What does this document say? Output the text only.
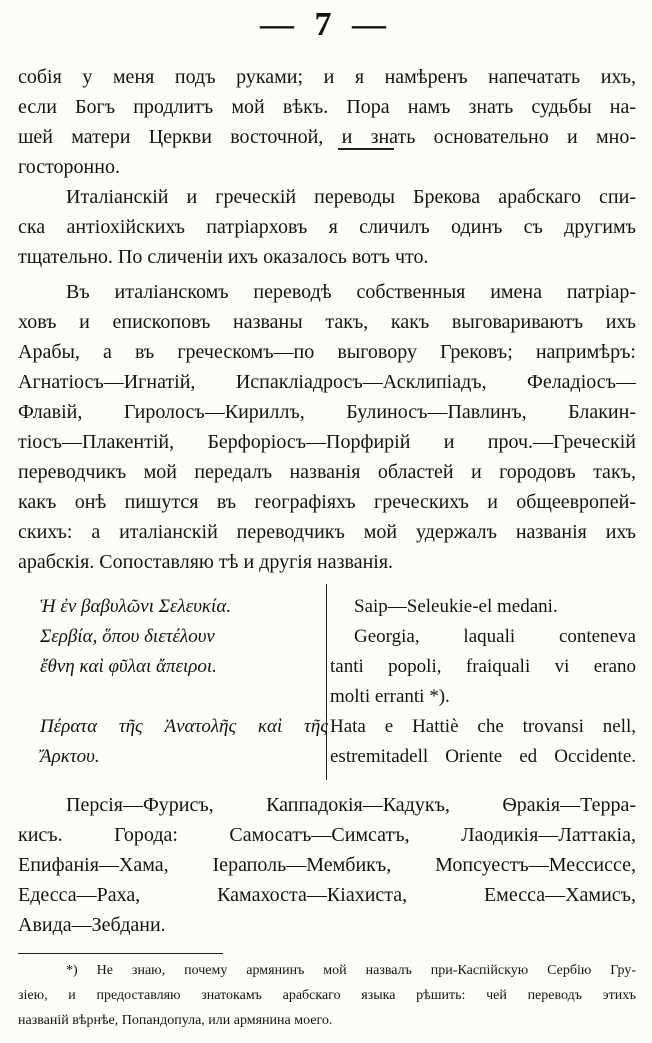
— 7 —
собія у меня подъ руками; и я намѣренъ напечатать ихъ,
если Богъ продлитъ мой вѣкъ. Пора намъ знать судьбы на-
шей матери Церкви восточной, и знать основательно и мно-
гостороннo.
Италіанскій и греческій переводы Брекова арабскаго спи-
ска антіохійскихъ патріарховъ я сличилъ одинъ съ другимъ
тщательно. По сличеніи ихъ оказалось вотъ что.
Въ италіанскомъ переводѣ собственныя имена патріар-
ховъ и епископовъ названы такъ, какъ выговариваютъ ихъ
Арабы, а въ греческомъ—по выговору Грековъ; напримѣръ:
Агнатіосъ—Игнатій, Испакліадросъ—Асклипіадъ, Феладіосъ—
Флавій, Гиролосъ—Кириллъ, Булиносъ—Павлинъ, Блакин-
тіосъ—Плакентій, Берфоріосъ—Порфирій и проч.—Греческій
переводчикъ мой передалъ названія областей и городовъ такъ,
какъ онѣ пишутся въ географіяхъ греческихъ и общеевропей-
скихъ: а италіанскій переводчикъ мой удержалъ названія ихъ
арабскія. Сопоставляю тѣ и другія названія.
Ἡ ἐν βαβυλῶνι Σελευκία.
Σερβία, ὅπου διετέλουν
ἔθνη καὶ φῦλαι ἄπειροι.
Πέρατα τῆς Ἀνατολῆς καὶ τῆς
Ἄρκτου.
Saip—Seleukie-el medani.
Georgia, laquali conteneva
tanti popoli, fraiquali vi erano
molti erranti *).
Hata e Hattiè che trovansi nell,
estremitadell Oriente ed Occidente.
Персія—Фурисъ, Каппадокія—Кадукъ, Ѳракія—Терра-
кисъ. Города: Самосатъ—Симсатъ, Лаодикія—Латтакіа,
Епифанія—Хама, Іераполь—Мембикъ, Мопсуестъ—Мессиссе,
Едесса—Раха, Камахоста—Кіахиста, Емесса—Хамисъ,
Авида—Зебдани.
*) Не знаю, почему армянинъ мой назвалъ при-Каспійскую Сербію Гру-
зіею, и предоставляю знатокамъ арабскаго языка рѣшить: чей переводъ этихъ
названій вѣрнѣе, Попандопула, или армянина моего.
